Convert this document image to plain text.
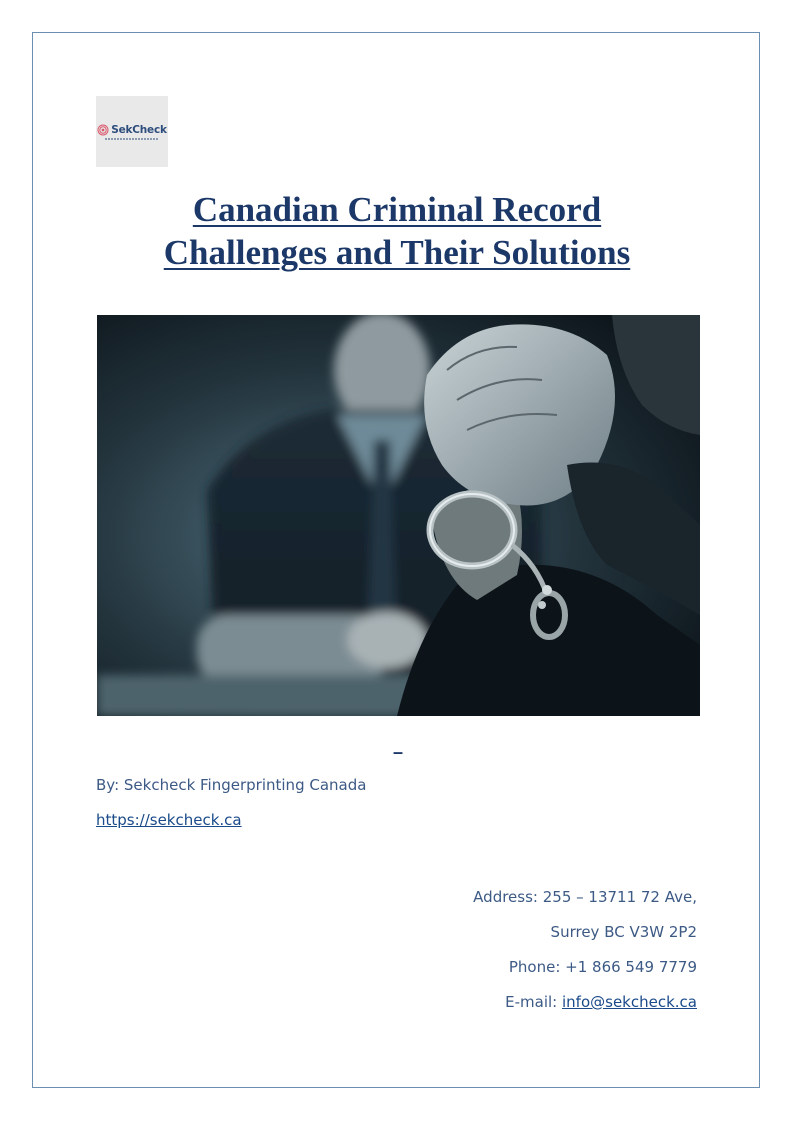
SekCheck
Canadian Criminal Record
Challenges and Their Solutions
–
By: Sekcheck Fingerprinting Canada
https://sekcheck.ca
Address: 255 – 13711 72 Ave,
Surrey BC V3W 2P2
Phone: +1 866 549 7779
E-mail: info@sekcheck.ca
